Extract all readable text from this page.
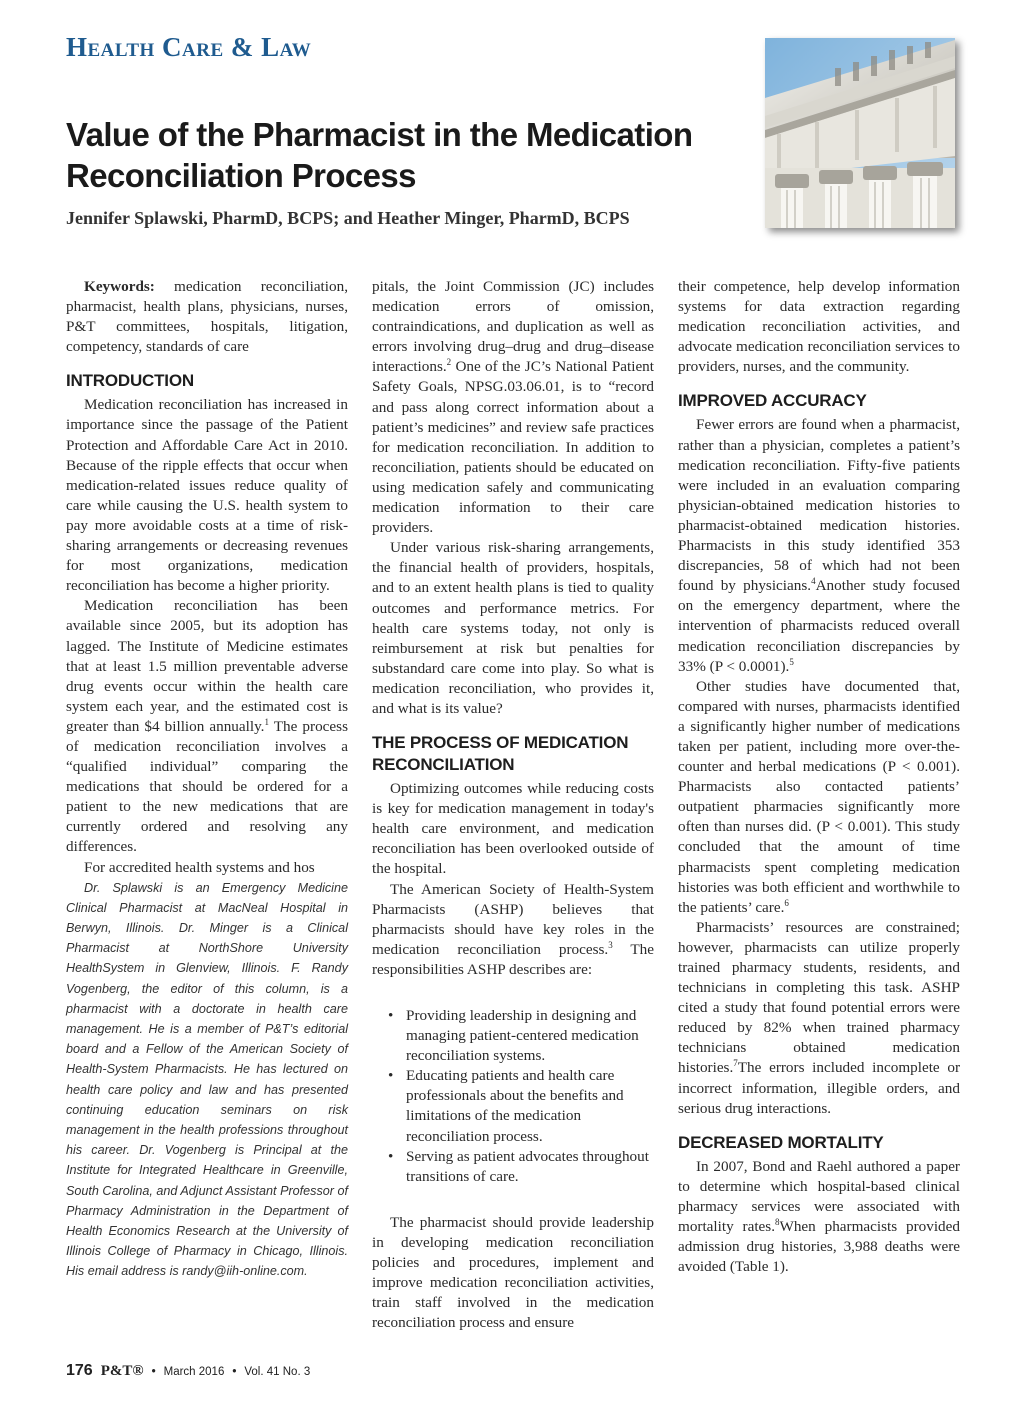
Health Care & Law
Value of the Pharmacist in the Medication Reconciliation Process
Jennifer Splawski, PharmD, BCPS; and Heather Minger, PharmD, BCPS

Keywords: medication reconciliation, pharmacist, health plans, physicians, nurses, P&T committees, hospitals, litigation, competency, standards of care

INTRODUCTION

Medication reconciliation has increased in importance since the passage of the Patient Protection and Affordable Care Act in 2010. Because of the ripple effects that occur when medication-related issues reduce quality of care while causing the U.S. health system to pay more avoidable costs at a time of risk-sharing arrangements or decreasing revenues for most organizations, medication reconciliation has become a higher priority.

Medication reconciliation has been available since 2005, but its adoption has lagged. The Institute of Medicine estimates that at least 1.5 million preventable adverse drug events occur within the health care system each year, and the estimated cost is greater than $4 billion annually.$^1$ The process of medication reconciliation involves a “qualified individual” comparing the medications that should be ordered for a patient to the new medications that are currently ordered and resolving any differences.

For accredited health systems and hos

Dr. Splawski is an Emergency Medicine Clinical Pharmacist at MacNeal Hospital in Berwyn, Illinois. Dr. Minger is a Clinical Pharmacist at NorthShore University HealthSystem in Glenview, Illinois. F. Randy Vogenberg, the editor of this column, is a pharmacist with a doctorate in health care management. He is a member of P&T’s editorial board and a Fellow of the American Society of Health-System Pharmacists. He has lectured on health care policy and law and has presented continuing education seminars on risk management in the health professions throughout his career. Dr. Vogenberg is Principal at the Institute for Integrated Healthcare in Greenville, South Carolina, and Adjunct Assistant Professor of Pharmacy Administration in the Department of Health Economics Research at the University of Illinois College of Pharmacy in Chicago, Illinois. His email address is randy@iih-online.com.

pitals, the Joint Commission (JC) includes medication errors of omission, contraindications, and duplication as well as errors involving drug–drug and drug–disease interactions.$^2$ One of the JC’s National Patient Safety Goals, NPSG.03.06.01, is to “record and pass along correct information about a patient’s medicines” and review safe practices for medication reconciliation. In addition to reconciliation, patients should be educated on using medication safely and communicating medication information to their care providers.

Under various risk-sharing arrangements, the financial health of providers, hospitals, and to an extent health plans is tied to quality outcomes and performance metrics. For health care systems today, not only is reimbursement at risk but penalties for substandard care come into play. So what is medication reconciliation, who provides it, and what is its value?

THE PROCESS OF MEDICATION RECONCILIATION

Optimizing outcomes while reducing costs is key for medication management in today's health care environment, and medication reconciliation has been overlooked outside of the hospital.

The American Society of Health-System Pharmacists (ASHP) believes that pharmacists should have key roles in the medication reconciliation process.$^3$ The responsibilities ASHP describes are:

• Providing leadership in designing and managing patient-centered medication reconciliation systems.
• Educating patients and health care professionals about the benefits and limitations of the medication reconciliation process.
• Serving as patient advocates throughout transitions of care.

The pharmacist should provide leadership in developing medication reconciliation policies and procedures, implement and improve medication reconciliation activities, train staff involved in the medication reconciliation process and ensure

their competence, help develop information systems for data extraction regarding medication reconciliation activities, and advocate medication reconciliation services to providers, nurses, and the community.

IMPROVED ACCURACY

Fewer errors are found when a pharmacist, rather than a physician, completes a patient’s medication reconciliation. Fifty-five patients were included in an evaluation comparing physician-obtained medication histories to pharmacist-obtained medication histories. Pharmacists in this study identified 353 discrepancies, 58 of which had not been found by physicians.$^4$Another study focused on the emergency department, where the intervention of pharmacists reduced overall medication reconciliation discrepancies by 33% (P < 0.0001).$^5$

Other studies have documented that, compared with nurses, pharmacists identified a significantly higher number of medications taken per patient, including more over-the-counter and herbal medications (P < 0.001). Pharmacists also contacted patients’ outpatient pharmacies significantly more often than nurses did. (P < 0.001). This study concluded that the amount of time pharmacists spent completing medication histories was both efficient and worthwhile to the patients’ care.$^6$

Pharmacists’ resources are constrained; however, pharmacists can utilize properly trained pharmacy students, residents, and technicians in completing this task. ASHP cited a study that found potential errors were reduced by 82% when trained pharmacy technicians obtained medication histories.$^7$The errors included incomplete or incorrect information, illegible orders, and serious drug interactions.

DECREASED MORTALITY

In 2007, Bond and Raehl authored a paper to determine which hospital-based clinical pharmacy services were associated with mortality rates.$^8$When pharmacists provided admission drug histories, 3,988 deaths were avoided (Table 1).

176 P&T® • March 2016 • Vol. 41 No. 3
